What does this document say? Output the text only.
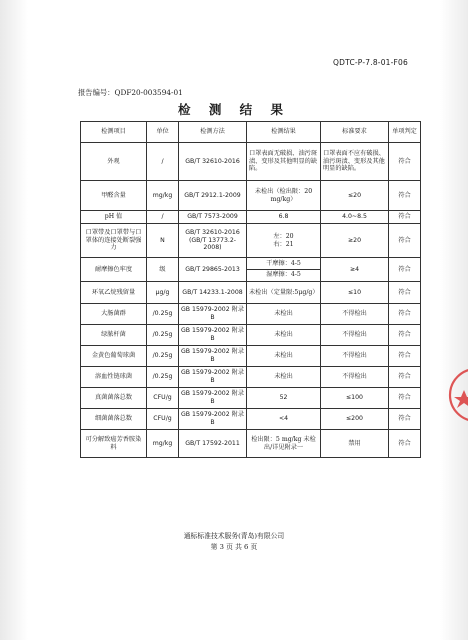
QDTC-P-7.8-01-F06
报告编号：QDF20-003594-01
检 测 结 果
检测项目	单位	检测方法	检测结果	标准要求	单项判定
外观	/	GB/T 32610-2016	口罩表面无破损、油污斑渍、变形及其他明显的缺陷。	口罩表面不应有破损、油污斑渍、变形及其他明显的缺陷。	符合
甲醛含量	mg/kg	GB/T 2912.1-2009	未检出（检出限：20 mg/kg）	≤20	符合
pH 值	/	GB/T 7573-2009	6.8	4.0~8.5	符合
口罩带及口罩带与口罩体的连接处断裂强力	N	GB/T 32610-2016 (GB/T 13773.2-2008)	左：20
右：21	≥20	符合
耐摩擦色牢度	级	GB/T 29865-2013	干摩擦：4-5
湿摩擦：4-5	≥4	符合
环氧乙烷残留量	μg/g	GB/T 14233.1-2008	未检出（定量限:5μg/g）	≤10	符合
大肠菌群	/0.25g	GB 15979-2002 附录 B	未检出	不得检出	符合
绿脓杆菌	/0.25g	GB 15979-2002 附录 B	未检出	不得检出	符合
金黄色葡萄球菌	/0.25g	GB 15979-2002 附录 B	未检出	不得检出	符合
溶血性链球菌	/0.25g	GB 15979-2002 附录 B	未检出	不得检出	符合
真菌菌落总数	CFU/g	GB 15979-2002 附录 B	52	≤100	符合
细菌菌落总数	CFU/g	GB 15979-2002 附录 B	<4	≤200	符合
可分解致癌芳香胺染料	mg/kg	GB/T 17592-2011	检出限：5 mg/kg 未检出/详见附录一	禁用	符合
通标标准技术服务(青岛)有限公司
第 3 页 共 6 页
